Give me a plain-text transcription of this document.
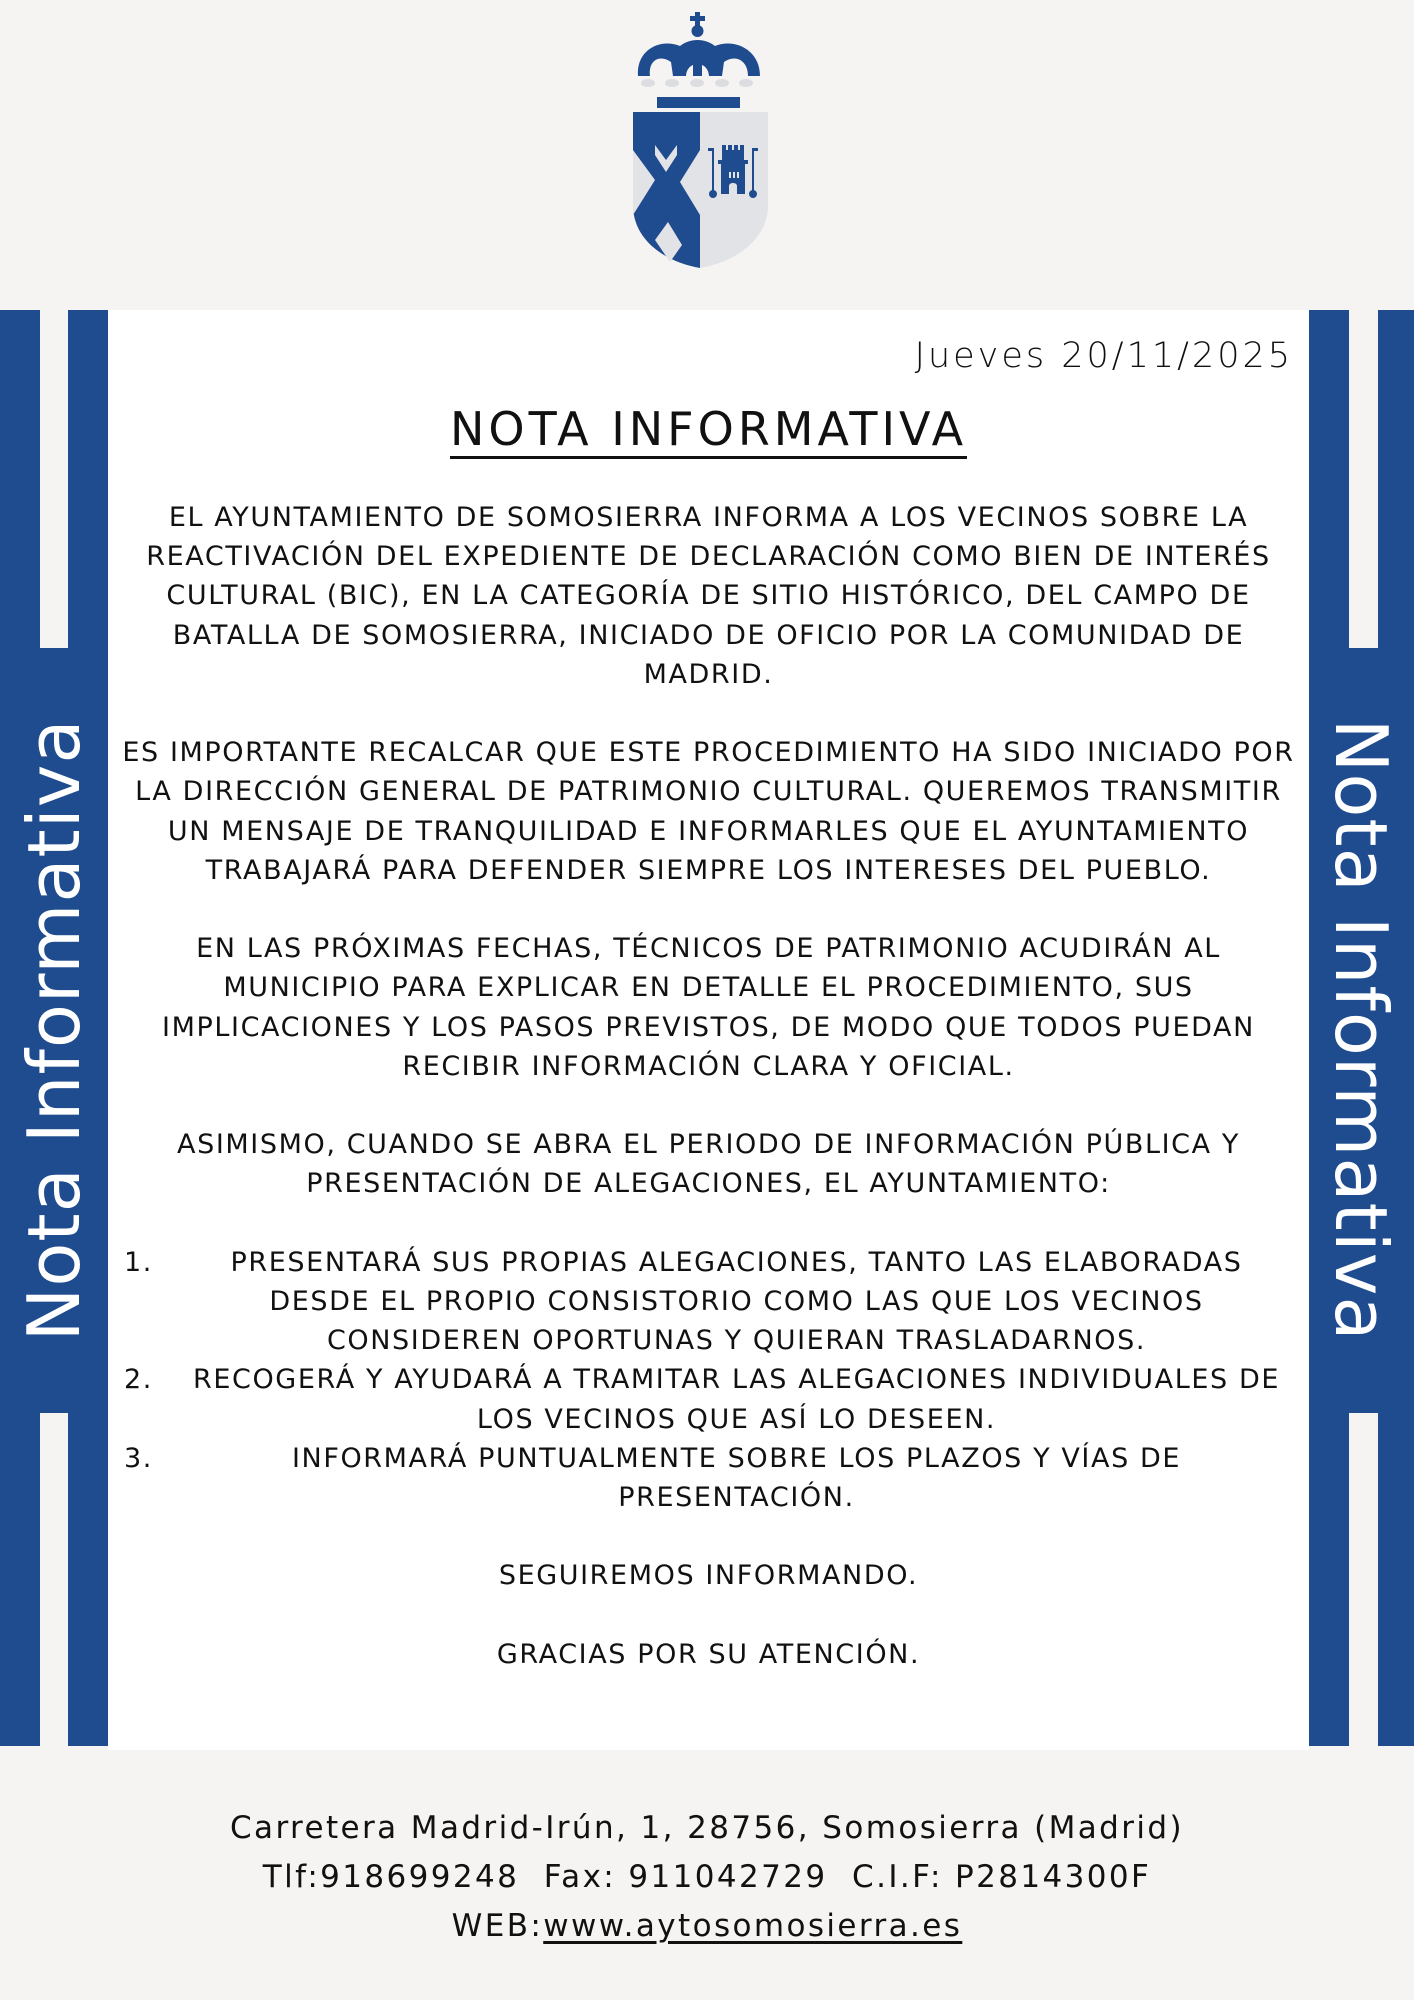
Nota Informativa	Nota Informativa
Jueves 20/11/2025
NOTA INFORMATIVA

EL AYUNTAMIENTO DE SOMOSIERRA INFORMA A LOS VECINOS SOBRE LA REACTIVACIÓN DEL EXPEDIENTE DE DECLARACIÓN COMO BIEN DE INTERÉS CULTURAL (BIC), EN LA CATEGORÍA DE SITIO HISTÓRICO, DEL CAMPO DE BATALLA DE SOMOSIERRA, INICIADO DE OFICIO POR LA COMUNIDAD DE MADRID.

ES IMPORTANTE RECALCAR QUE ESTE PROCEDIMIENTO HA SIDO INICIADO POR LA DIRECCIÓN GENERAL DE PATRIMONIO CULTURAL. QUEREMOS TRANSMITIR UN MENSAJE DE TRANQUILIDAD E INFORMARLES QUE EL AYUNTAMIENTO TRABAJARÁ PARA DEFENDER SIEMPRE LOS INTERESES DEL PUEBLO.

EN LAS PRÓXIMAS FECHAS, TÉCNICOS DE PATRIMONIO ACUDIRÁN AL MUNICIPIO PARA EXPLICAR EN DETALLE EL PROCEDIMIENTO, SUS IMPLICACIONES Y LOS PASOS PREVISTOS, DE MODO QUE TODOS PUEDAN RECIBIR INFORMACIÓN CLARA Y OFICIAL.

ASIMISMO, CUANDO SE ABRA EL PERIODO DE INFORMACIÓN PÚBLICA Y PRESENTACIÓN DE ALEGACIONES, EL AYUNTAMIENTO:

1.	PRESENTARÁ SUS PROPIAS ALEGACIONES, TANTO LAS ELABORADAS DESDE EL PROPIO CONSISTORIO COMO LAS QUE LOS VECINOS CONSIDEREN OPORTUNAS Y QUIERAN TRASLADARNOS.
2. RECOGERÁ Y AYUDARÁ A TRAMITAR LAS ALEGACIONES INDIVIDUALES DE LOS VECINOS QUE ASÍ LO DESEEN.
3.	INFORMARÁ PUNTUALMENTE SOBRE LOS PLAZOS Y VÍAS DE PRESENTACIÓN.

SEGUIREMOS INFORMANDO.

GRACIAS POR SU ATENCIÓN.

Carretera Madrid-Irún, 1, 28756, Somosierra (Madrid)
Tlf:918699248  Fax: 911042729  C.I.F: P2814300F
WEB:www.aytosomosierra.es
